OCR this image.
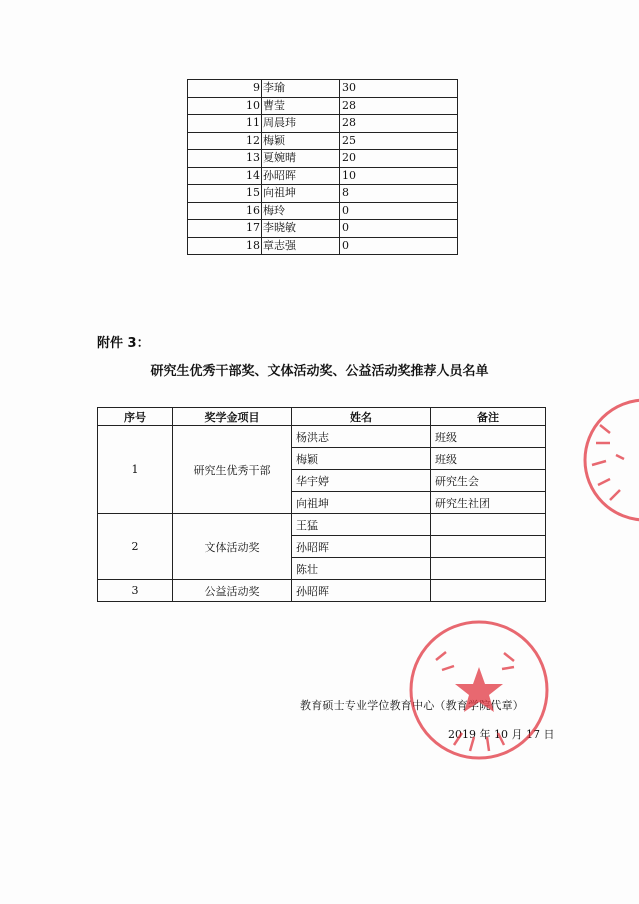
9	李瑜	30
10	曹莹	28
11	周晨玮	28
12	梅颖	25
13	夏婉晴	20
14	孙昭晖	10
15	向祖坤	8
16	梅玲	0
17	李晓敏	0
18	章志强	0
附件 3：
研究生优秀干部奖、文体活动奖、公益活动奖推荐人员名单
序号	奖学金项目	姓名	备注
1	研究生优秀干部	杨洪志	班级
		梅颖	班级
		华宇婷	研究生会
		向祖坤	研究生社团
2	文体活动奖	王猛	
		孙昭晖	
		陈壮	
3	公益活动奖	孙昭晖	
教育硕士专业学位教育中心（教育学院代章）
2019 年 10 月 17 日
